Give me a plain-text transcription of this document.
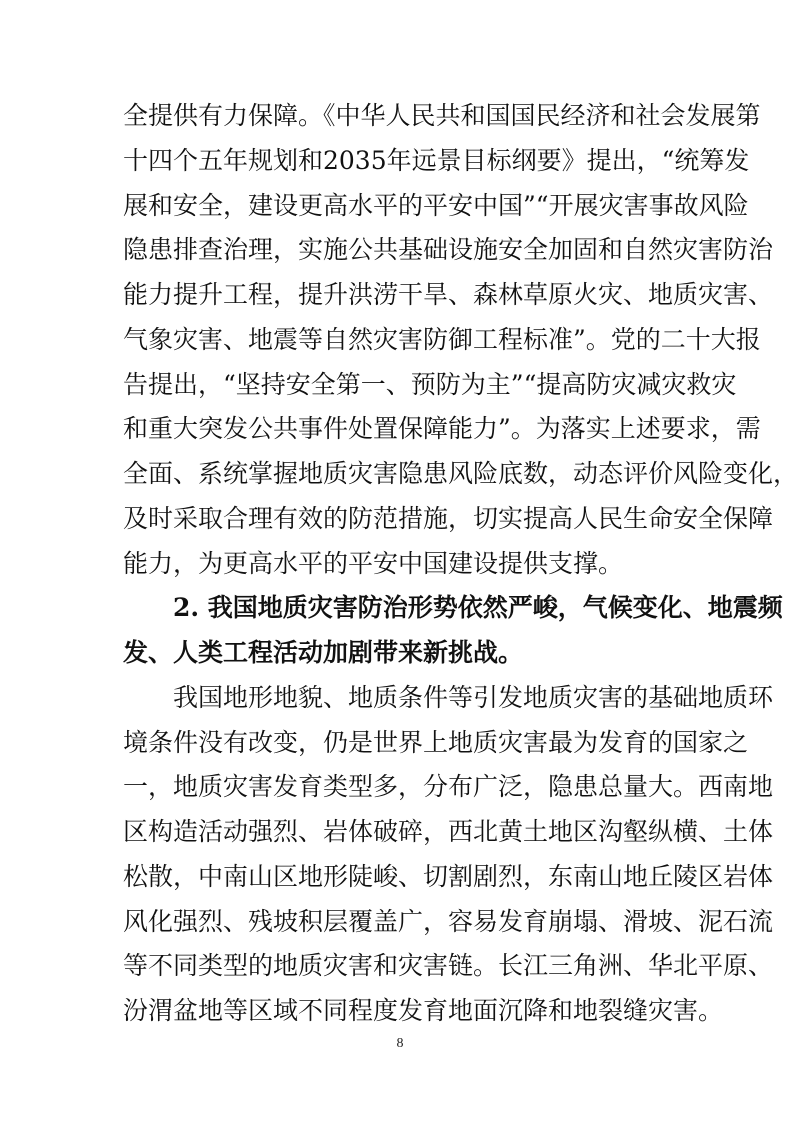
全提供有力保障。《中华人民共和国国民经济和社会发展第
十四个五年规划和2035年远景目标纲要》提出，“统筹发
展和安全，建设更高水平的平安中国”“开展灾害事故风险
隐患排查治理，实施公共基础设施安全加固和自然灾害防治
能力提升工程，提升洪涝干旱、森林草原火灾、地质灾害、
气象灾害、地震等自然灾害防御工程标准”。党的二十大报
告提出，“坚持安全第一、预防为主”“提高防灾减灾救灾
和重大突发公共事件处置保障能力”。为落实上述要求，需
全面、系统掌握地质灾害隐患风险底数，动态评价风险变化，
及时采取合理有效的防范措施，切实提高人民生命安全保障
能力，为更高水平的平安中国建设提供支撑。
2. 我国地质灾害防治形势依然严峻，气候变化、地震频
发、人类工程活动加剧带来新挑战。
我国地形地貌、地质条件等引发地质灾害的基础地质环
境条件没有改变，仍是世界上地质灾害最为发育的国家之
一，地质灾害发育类型多，分布广泛，隐患总量大。西南地
区构造活动强烈、岩体破碎，西北黄土地区沟壑纵横、土体
松散，中南山区地形陡峻、切割剧烈，东南山地丘陵区岩体
风化强烈、残坡积层覆盖广，容易发育崩塌、滑坡、泥石流
等不同类型的地质灾害和灾害链。长江三角洲、华北平原、
汾渭盆地等区域不同程度发育地面沉降和地裂缝灾害。
8
